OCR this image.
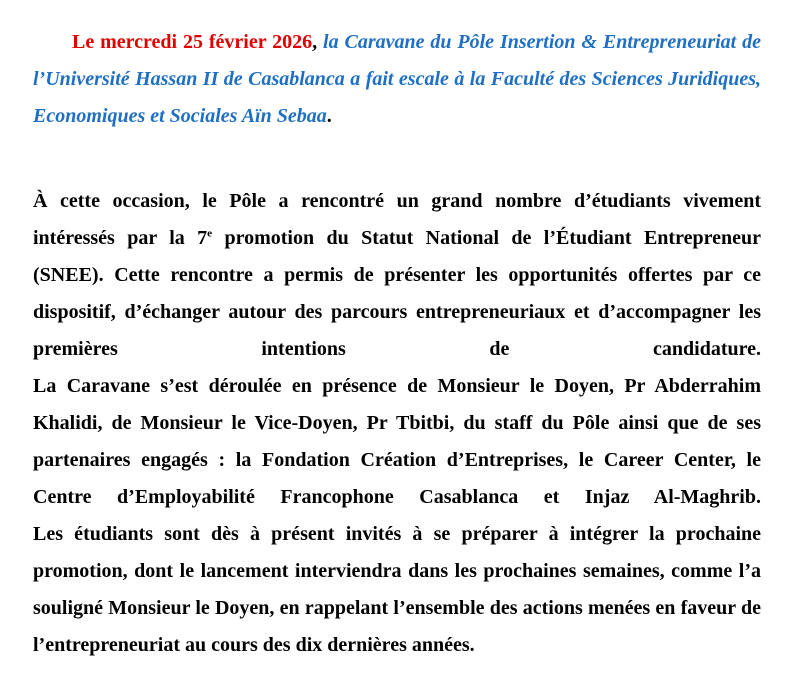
Le mercredi 25 février 2026, la Caravane du Pôle Insertion & Entrepreneuriat de l’Université Hassan II de Casablanca a fait escale à la Faculté des Sciences Juridiques, Economiques et Sociales Aïn Sebaa.

À cette occasion, le Pôle a rencontré un grand nombre d’étudiants vivement intéressés par la 7e promotion du Statut National de l’Étudiant Entrepreneur (SNEE). Cette rencontre a permis de présenter les opportunités offertes par ce dispositif, d’échanger autour des parcours entrepreneuriaux et d’accompagner les premières intentions de candidature.

La Caravane s’est déroulée en présence de Monsieur le Doyen, Pr Abderrahim Khalidi, de Monsieur le Vice-Doyen, Pr Tbitbi, du staff du Pôle ainsi que de ses partenaires engagés : la Fondation Création d’Entreprises, le Career Center, le Centre d’Employabilité Francophone Casablanca et Injaz Al-Maghrib.

Les étudiants sont dès à présent invités à se préparer à intégrer la prochaine promotion, dont le lancement interviendra dans les prochaines semaines, comme l’a souligné Monsieur le Doyen, en rappelant l’ensemble des actions menées en faveur de l’entrepreneuriat au cours des dix dernières années.
